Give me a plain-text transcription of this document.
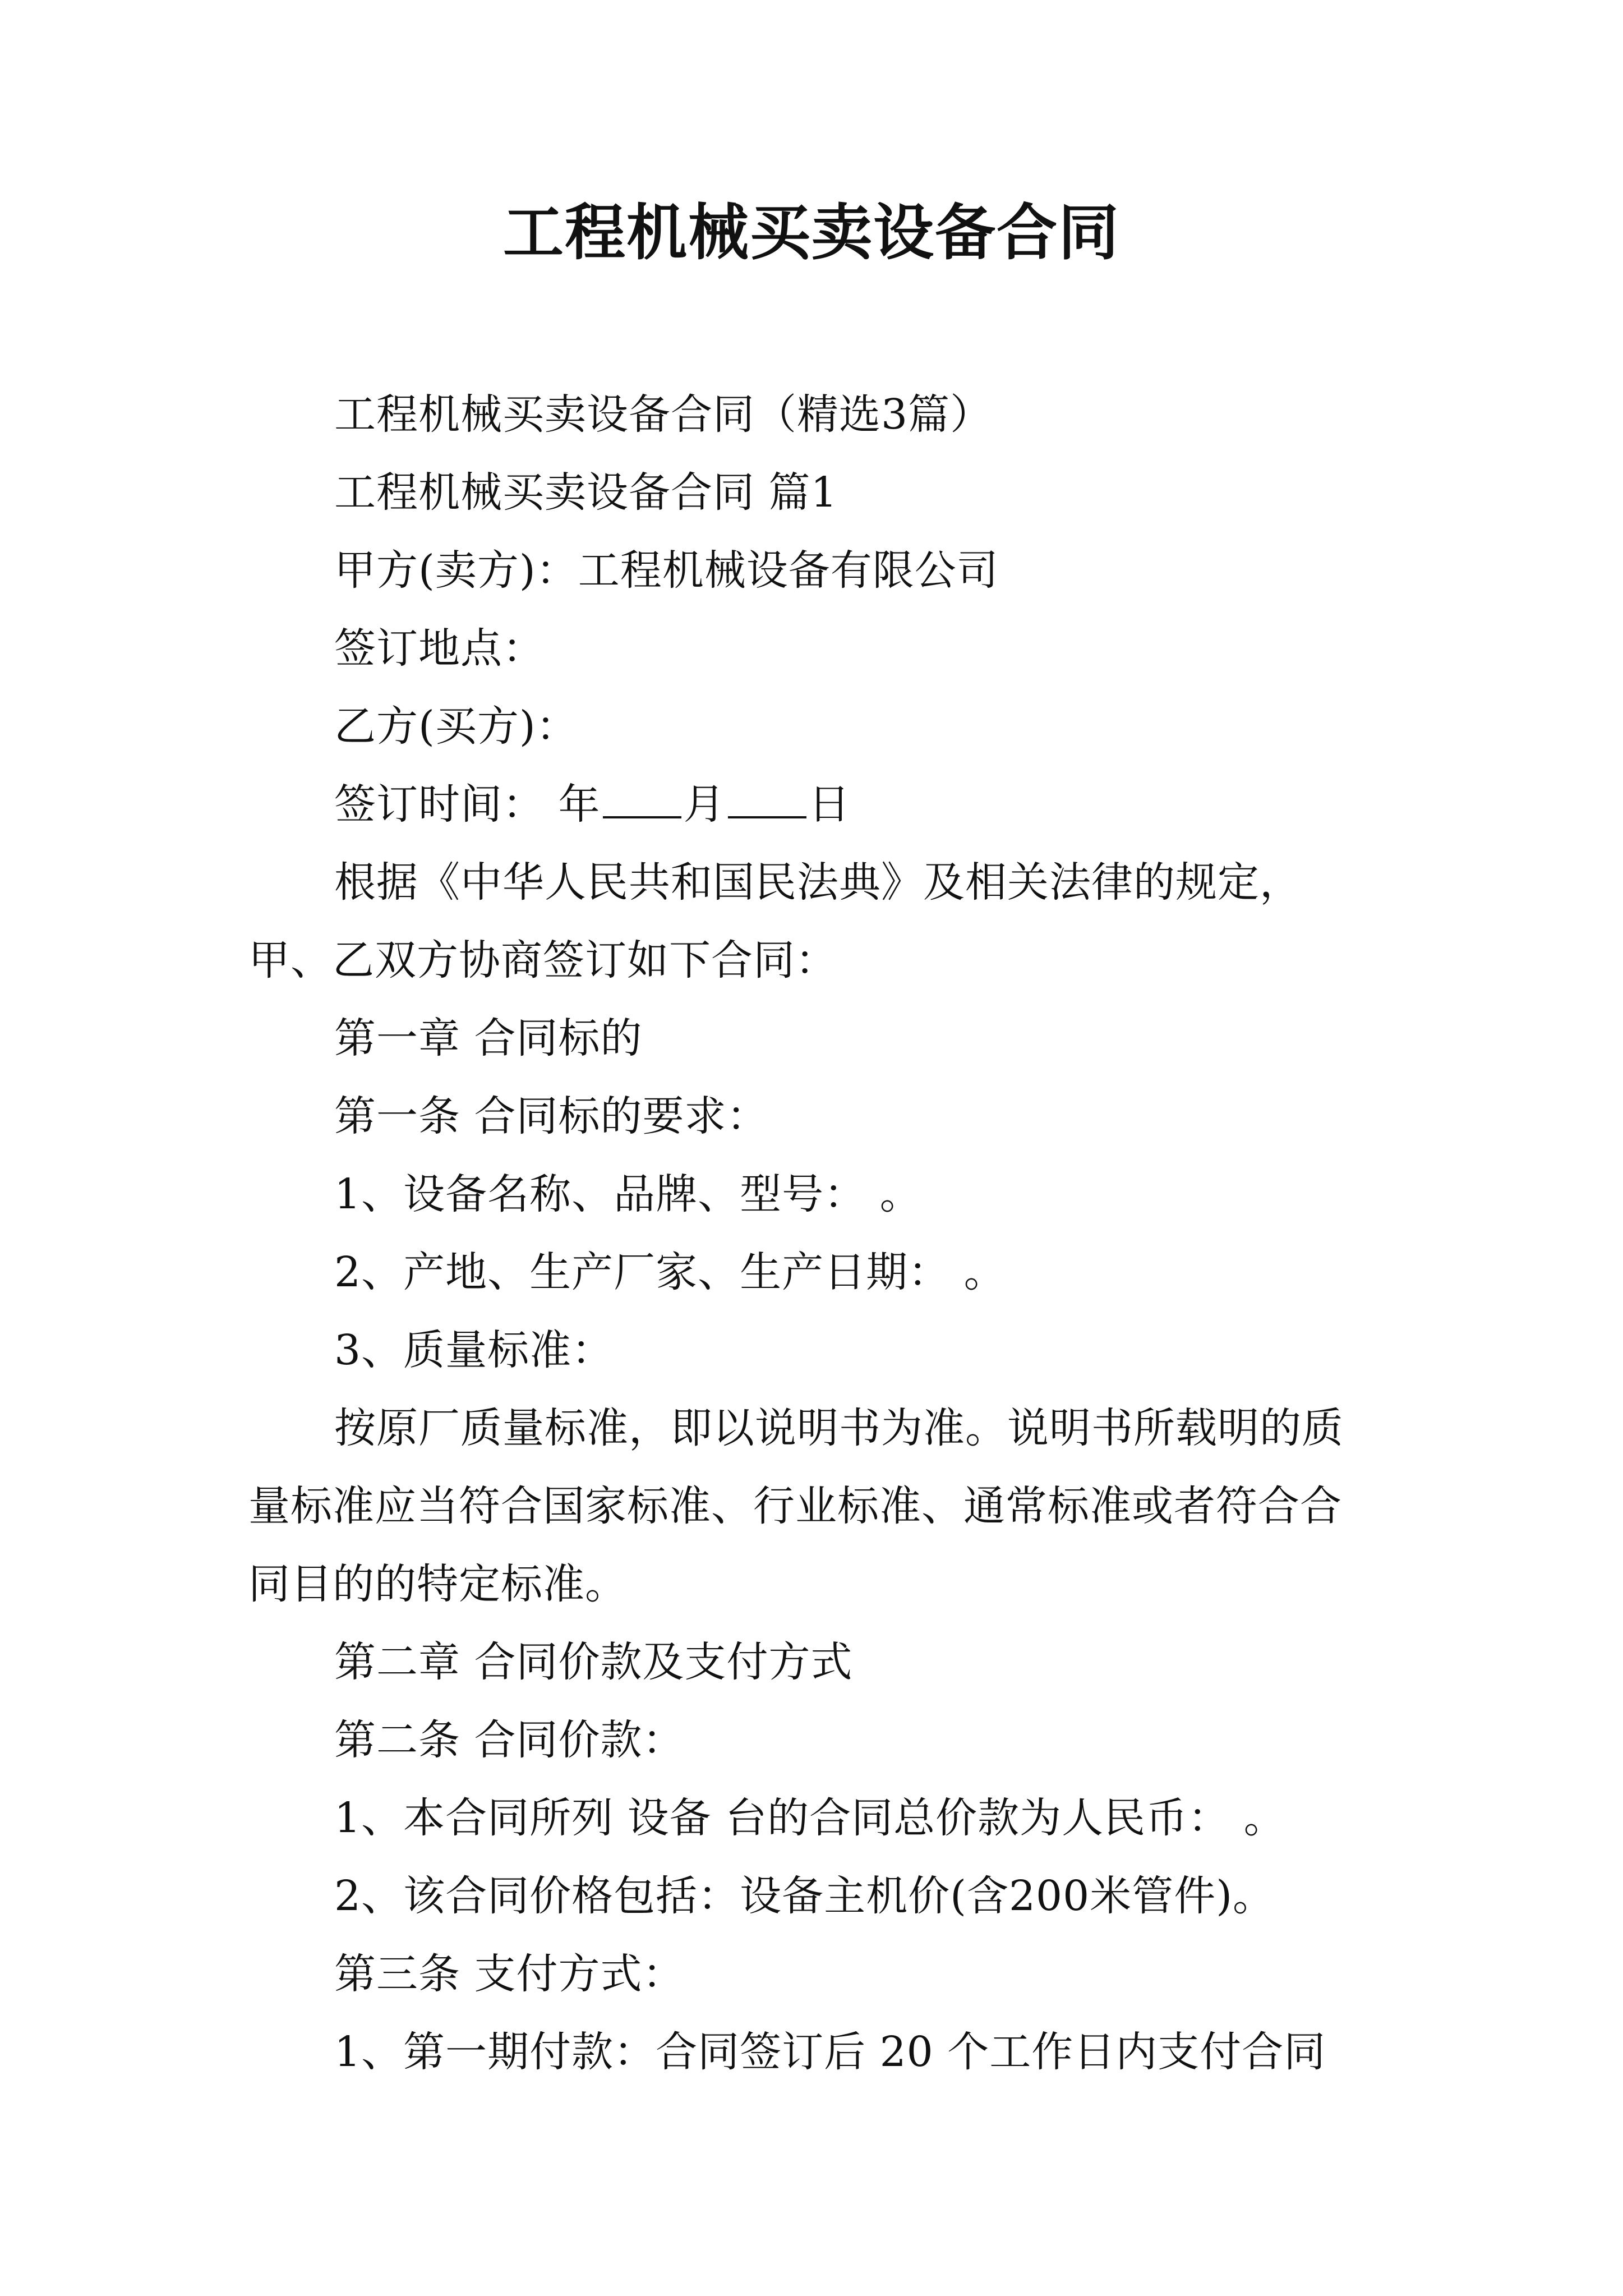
工程机械买卖设备合同

工程机械买卖设备合同（精选3篇）

工程机械买卖设备合同 篇1

甲方(卖方)：工程机械设备有限公司

签订地点：

乙方(买方)：

签订时间： 年 月 日

根据《中华人民共和国民法典》及相关法律的规定，甲、乙双方协商签订如下合同：

第一章 合同标的

第一条 合同标的要求：

1、设备名称、品牌、型号： 。

2、产地、生产厂家、生产日期： 。

3、质量标准：

按原厂质量标准，即以说明书为准。说明书所载明的质量标准应当符合国家标准、行业标准、通常标准或者符合合同目的的特定标准。

第二章 合同价款及支付方式

第二条 合同价款：

1、本合同所列 设备 台的合同总价款为人民币： 。

2、该合同价格包括：设备主机价(含200米管件)。

第三条 支付方式：

1、第一期付款：合同签订后 20 个工作日内支付合同
